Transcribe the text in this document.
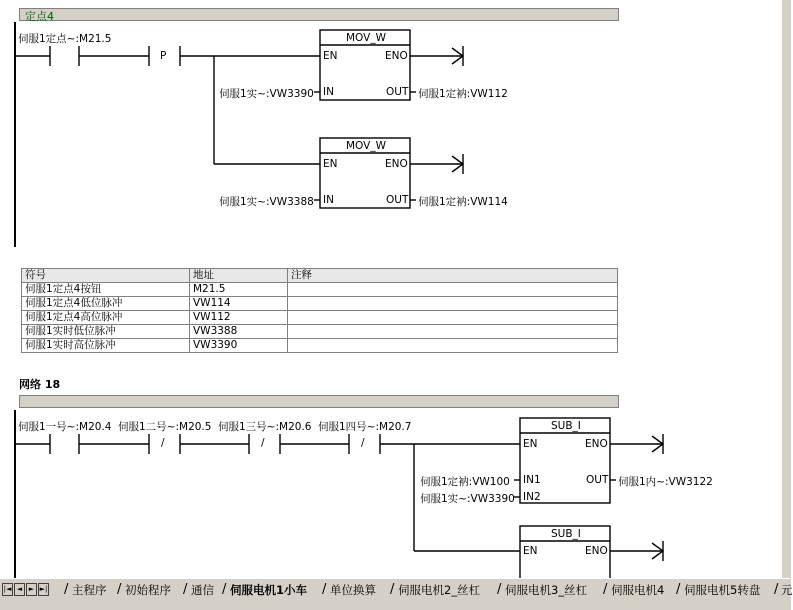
定点4
伺服1定点~:M21.5
P
MOV_W
EN	ENO
IN	OUT
伺服1实~:VW3390	伺服1定衲:VW112
MOV_W
EN	ENO
IN	OUT
伺服1实~:VW3388	伺服1定衲:VW114
符号	地址	注释
伺服1定点4按钮	M21.5	
伺服1定点4低位脉冲	VW114	
伺服1定点4高位脉冲	VW112	
伺服1实时低位脉冲	VW3388	
伺服1实时高位脉冲	VW3390	
网络 18
伺服1一号~:M20.4 伺服1二号~:M20.5 伺服1三号~:M20.6 伺服1四号~:M20.7
/	/	/
SUB_I
EN	ENO
IN1
IN2
OUT
伺服1定衲:VW100
伺服1实~:VW3390
伺服1内~:VW3122
SUB_I
EN	ENO
|◄ ◄ ► ►| / 主程序 / 初始程序 / 通信 / 伺服电机1小车 / 单位换算 / 伺服电机2_丝杠 / 伺服电机3_丝杠 / 伺服电机4 / 伺服电机5转盘 / 元
